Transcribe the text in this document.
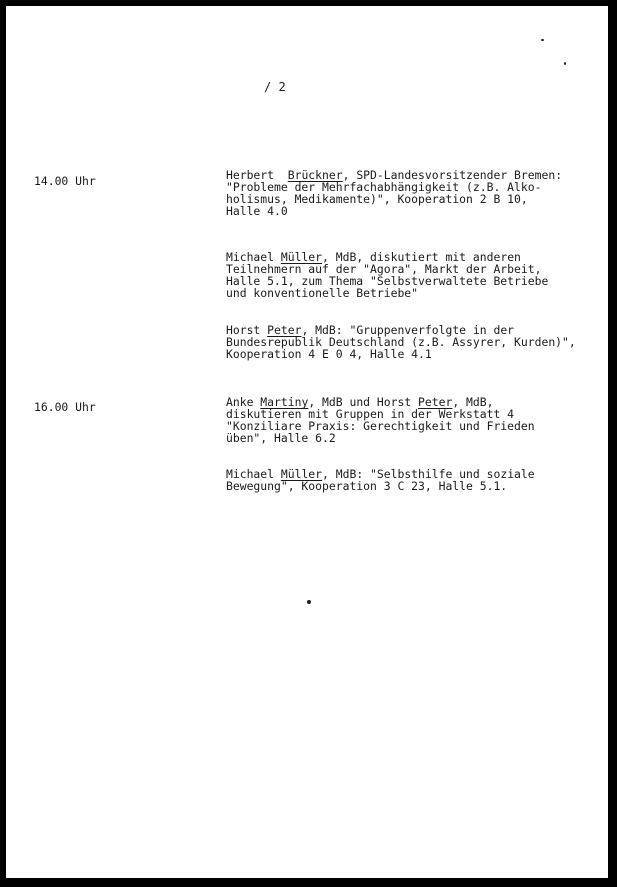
/ 2
14.00 Uhr	Herbert  Brückner, SPD-Landesvorsitzender Bremen:
"Probleme der Mehrfachabhängigkeit (z.B. Alko-
holismus, Medikamente)", Kooperation 2 B 10,
Halle 4.0
Michael Müller, MdB, diskutiert mit anderen
Teilnehmern auf der "Agora", Markt der Arbeit,
Halle 5.1, zum Thema "Selbstverwaltete Betriebe
und konventionelle Betriebe"
Horst Peter, MdB: "Gruppenverfolgte in der
Bundesrepublik Deutschland (z.B. Assyrer, Kurden)",
Kooperation 4 E 0 4, Halle 4.1
16.00 Uhr	Anke Martiny, MdB und Horst Peter, MdB,
diskutieren mit Gruppen in der Werkstatt 4
"Konziliare Praxis: Gerechtigkeit und Frieden
üben", Halle 6.2
Michael Müller, MdB: "Selbsthilfe und soziale
Bewegung", Kooperation 3 C 23, Halle 5.1.
